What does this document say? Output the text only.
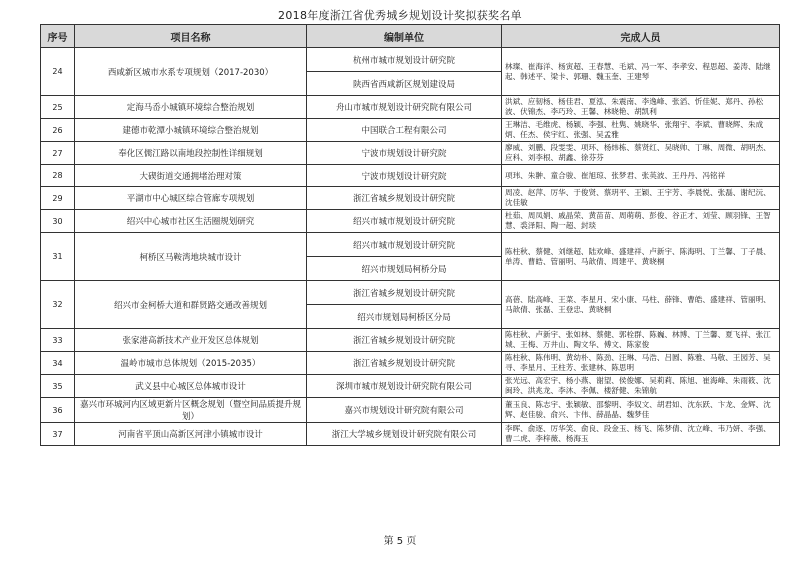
2018年度浙江省优秀城乡规划设计奖拟获奖名单
序号	项目名称	编制单位	完成人员
24	西咸新区城市水系专项规划（2017-2030）	杭州市城市规划设计研究院	林璨、崔海洋、杨寅超、王春慧、毛斌、冯一军、李孝安、程思超、姜涛、陆继起、韩述平、梁卡、郭珊、魏玉奎、王建琴
		陕西省西咸新区规划建设局	
25	定海马岙小城镇环境综合整治规划	舟山市城市规划设计研究院有限公司	洪斌、应韧杨、杨佳君、夏泓、朱震南、李逸峰、张滔、忻佳妮、郑丹、孙松波、伏锦杰、李巧玲、王馨、林晓艳、胡凯利
26	建德市乾潭小城镇环境综合整治规划	中国联合工程有限公司	王琳洁、毛维虎、杨颖、李强、杜隽、姚晓华、张翔宇、李斌、曹晓辉、朱成炳、任杰、侯宇红、张强、吴孟雅
27	奉化区儒江路以南地段控制性详细规划	宁波市规划设计研究院	廖威、刘鹏、段雯雯、项环、杨炜栋、蔡贤红、吴晓帅、丁琳、周微、胡明杰、应科、刘李根、胡鑫、徐芬芬
28	大碶街道交通拥堵治理对策	宁波市规划设计研究院	项玮、朱翀、童合骏、崔旭琼、张梦君、张英波、王丹丹、冯铭祥
29	平湖市中心城区综合管廊专项规划	浙江省城乡规划设计研究院	周凌、赵萍、厉华、于俊贤、蔡玥平、王颖、王宇芳、李晨悦、张磊、谢纪沅、沈佳敏
30	绍兴中心城市社区生活圈规划研究	绍兴市城市规划设计研究院	杜茹、周凤娟、戚晶荣、黄苗苗、周萌萌、彭俊、谷正才、刘莹、顾羽锋、王智慧、裘泽阳、陶一超、封琰
31	柯桥区马鞍湾地块城市设计	绍兴市城市规划设计研究院	陈柱秋、蔡健、刘继超、陆欢峰、盛建祥、卢新宇、陈海明、丁兰馨、丁子晨、单涛、曹皓、管丽明、马歆倩、周建平、黄晓桐
		绍兴市规划局柯桥分局	
32	绍兴市金柯桥大道和群贤路交通改善规划	浙江省城乡规划设计研究院	高蓓、陆高峰、王菜、李星月、宋小康、马柱、薛锋、曹皓、盛建祥、管丽明、马歆倩、张磊、王登忠、黄晓桐
		绍兴市规划局柯桥区分局	
33	张家港高新技术产业开发区总体规划	浙江省城乡规划设计研究院	陈柱秋、卢新宇、张如林、蔡健、郭栓群、陈巍、林博、丁兰馨、夏飞祥、张江城、王梅、万井山、陶文华、傅文、陈家俊
34	温岭市城市总体规划（2015-2035）	浙江省城乡规划设计研究院	陈柱秋、陈伟明、黄幼朴、陈劲、汪琳、马浩、吕圆、陈雅、马敬、王园芳、吴寻、李星月、王柱芳、张建林、陈思明
35	武义县中心城区总体城市设计	深圳市城市规划设计研究院有限公司	张光远、高宏宇、杨小燕、谢望、侯俊娜、吴莉莉、陈旭、崔海峰、朱雨筱、沈闽玲、洪兆龙、李沐、李佩、楼舒健、朱锦航
36	嘉兴市环城河内区域更新片区概念规划（暨空间品质提升规划）	嘉兴市规划设计研究院有限公司	董玉良、陈志宇、张颖敏、邵黎明、李奴文、胡君如、沈东跃、卞龙、金辉、沈辉、赵佳骏、俞兴、卞伟、薛晶晶、魏梦佳
37	河南省平顶山高新区河津小镇城市设计	浙江大学城乡规划设计研究院有限公司	李晖、俞逐、厉华笑、俞良、段金玉、杨飞、陈梦倩、沈立峰、韦乃妍、李强、曹二虎、李梓薇、杨海玉
第 5 页
